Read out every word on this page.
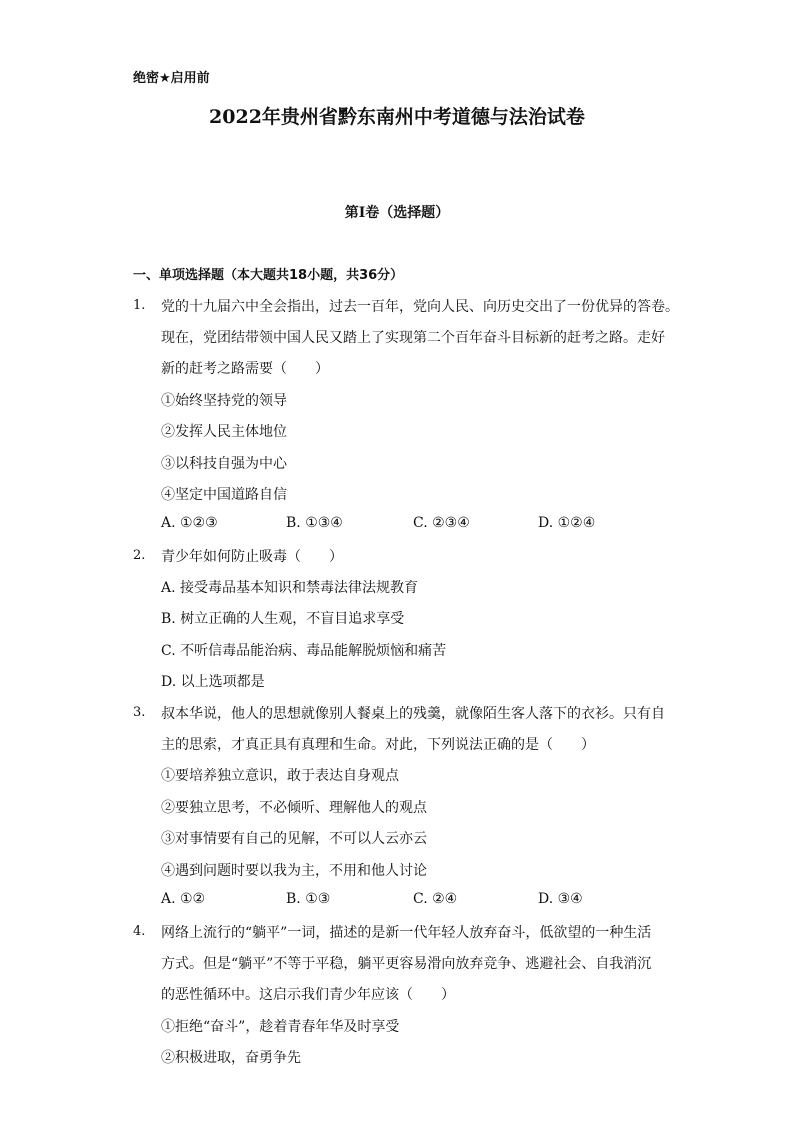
绝密★启用前
2022年贵州省黔东南州中考道德与法治试卷
第I卷（选择题）
一、单项选择题（本大题共18小题，共36分）
1. 党的十九届六中全会指出，过去一百年，党向人民、向历史交出了一份优异的答卷。
现在，党团结带领中国人民又踏上了实现第二个百年奋斗目标新的赶考之路。走好
新的赶考之路需要（　　）
①始终坚持党的领导
②发挥人民主体地位
③以科技自强为中心
④坚定中国道路自信
A. ①②③	B. ①③④	C. ②③④	D. ①②④
2. 青少年如何防止吸毒（　　）
A. 接受毒品基本知识和禁毒法律法规教育
B. 树立正确的人生观，不盲目追求享受
C. 不听信毒品能治病、毒品能解脱烦恼和痛苦
D. 以上选项都是
3. 叔本华说，他人的思想就像别人餐桌上的残羹，就像陌生客人落下的衣衫。只有自
主的思索，才真正具有真理和生命。对此，下列说法正确的是（　　）
①要培养独立意识，敢于表达自身观点
②要独立思考，不必倾听、理解他人的观点
③对事情要有自己的见解，不可以人云亦云
④遇到问题时要以我为主，不用和他人讨论
A. ①②	B. ①③	C. ②④	D. ③④
4. 网络上流行的“躺平”一词，描述的是新一代年轻人放弃奋斗，低欲望的一种生活
方式。但是“躺平”不等于平稳，躺平更容易滑向放弃竞争、逃避社会、自我消沉
的恶性循环中。这启示我们青少年应该（　　）
①拒绝“奋斗”，趁着青春年华及时享受
②积极进取，奋勇争先
